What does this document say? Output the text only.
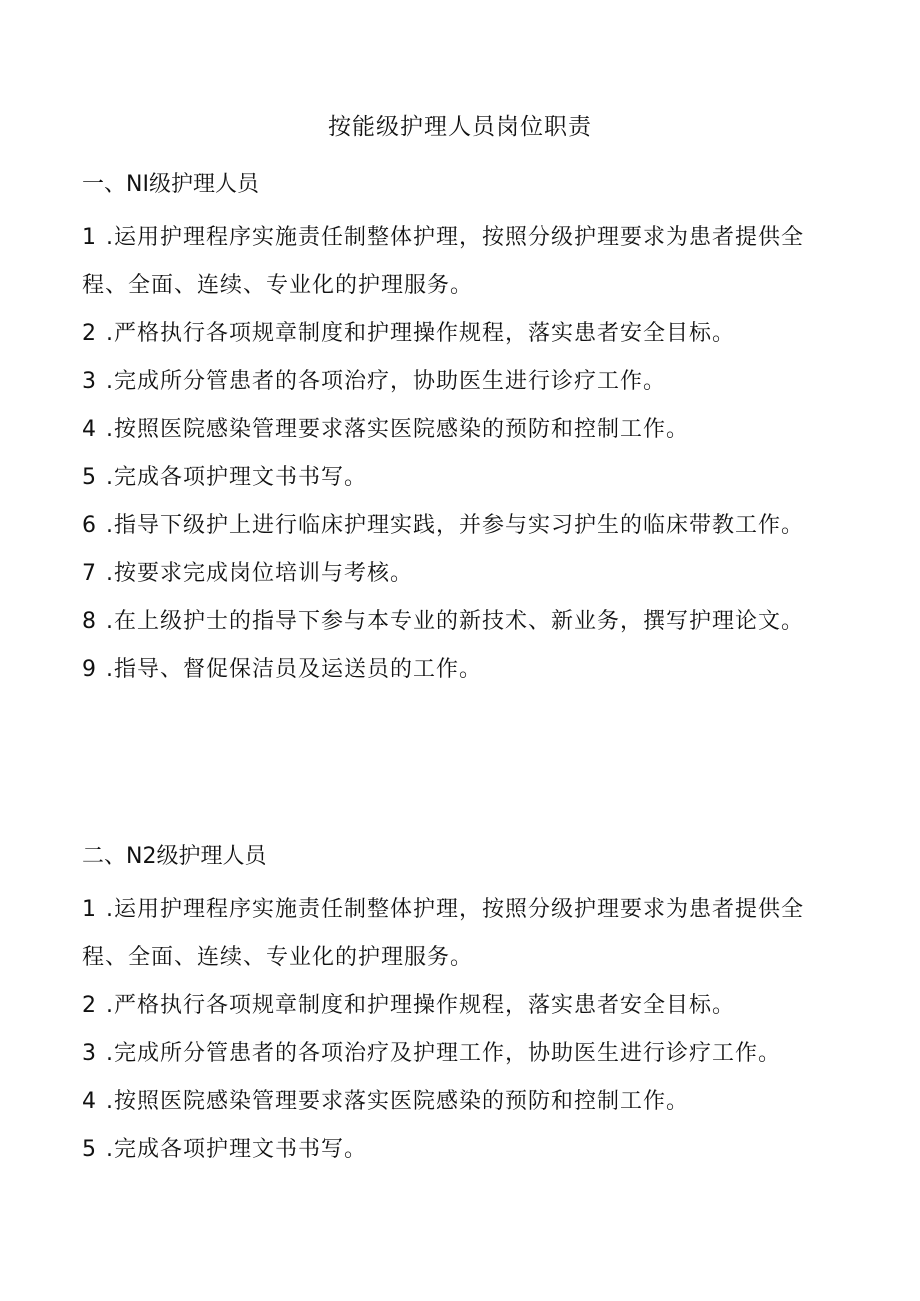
按能级护理人员岗位职责
一、NI级护理人员
1 .运用护理程序实施责任制整体护理，按照分级护理要求为患者提供全程、全面、连续、专业化的护理服务。
2 .严格执行各项规章制度和护理操作规程，落实患者安全目标。
3 .完成所分管患者的各项治疗，协助医生进行诊疗工作。
4 .按照医院感染管理要求落实医院感染的预防和控制工作。
5 .完成各项护理文书书写。
6 .指导下级护上进行临床护理实践，并参与实习护生的临床带教工作。
7 .按要求完成岗位培训与考核。
8 .在上级护士的指导下参与本专业的新技术、新业务，撰写护理论文。
9 .指导、督促保洁员及运送员的工作。
二、N2级护理人员
1 .运用护理程序实施责任制整体护理，按照分级护理要求为患者提供全程、全面、连续、专业化的护理服务。
2 .严格执行各项规章制度和护理操作规程，落实患者安全目标。
3 .完成所分管患者的各项治疗及护理工作，协助医生进行诊疗工作。
4 .按照医院感染管理要求落实医院感染的预防和控制工作。
5 .完成各项护理文书书写。
